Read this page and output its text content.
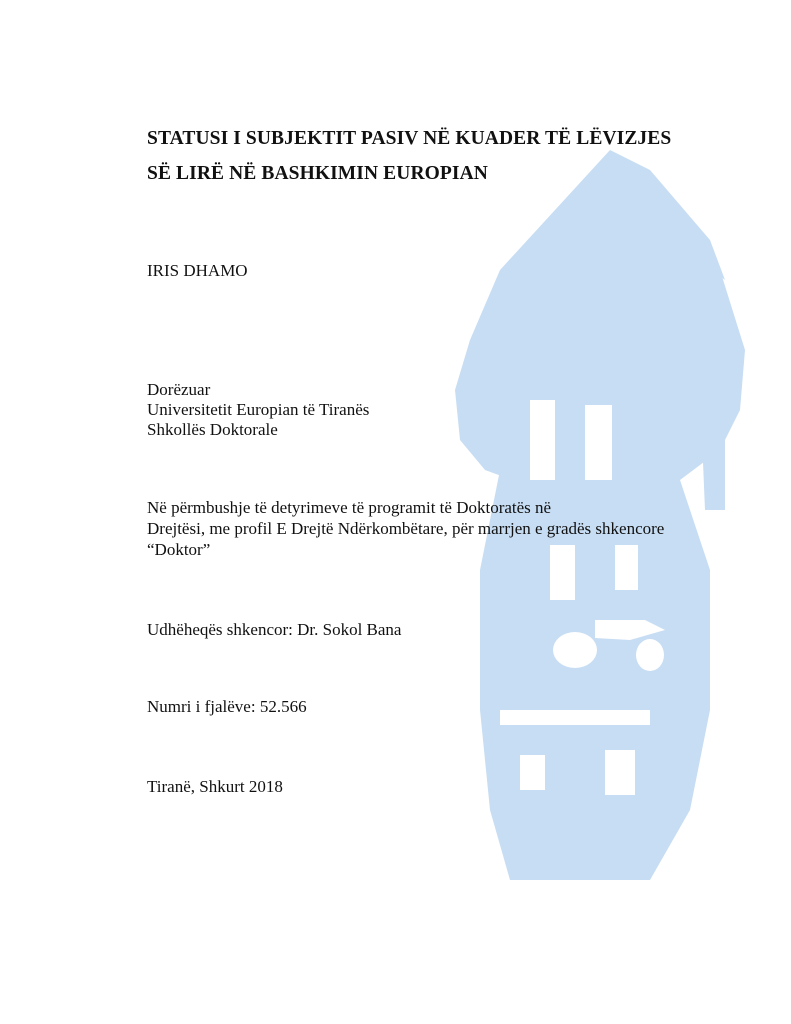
STATUSI I SUBJEKTIT PASIV NË KUADER TË LËVIZJES
SË LIRË NË BASHKIMIN EUROPIAN
IRIS DHAMO
Dorëzuar
Universitetit Europian të Tiranës
Shkollës Doktorale
Në përmbushje të detyrimeve të programit të Doktoratës në
Drejtësi, me profil E Drejtë Ndërkombëtare, për marrjen e gradës shkencore
“Doktor”
Udhëheqës shkencor: Dr. Sokol Bana
Numri i fjalëve: 52.566
Tiranë, Shkurt 2018
